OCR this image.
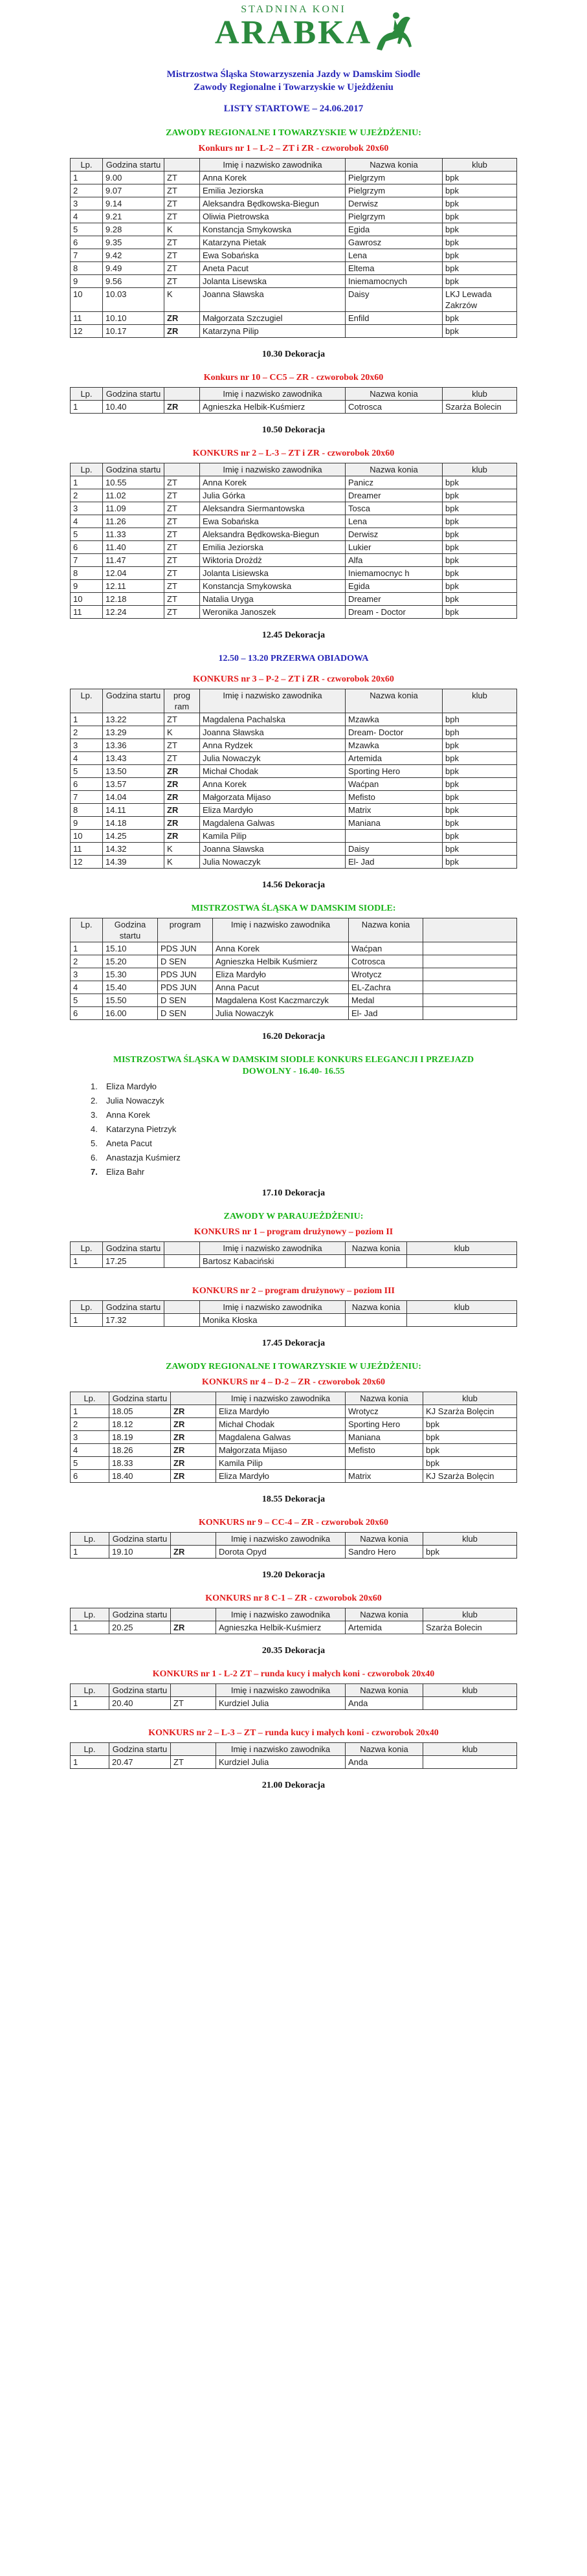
STADNINA KONI
ARABKA
Mistrzostwa Śląska Stowarzyszenia Jazdy w Damskim Siodle
Zawody Regionalne i Towarzyskie w Ujeżdżeniu
LISTY STARTOWE – 24.06.2017
ZAWODY REGIONALNE I TOWARZYSKIE W UJEŻDŻENIU:
Konkurs nr 1 – L-2 – ZT i ZR - czworobok 20x60
Lp.	Godzina startu		Imię i nazwisko zawodnika	Nazwa konia	klub
1	9.00	ZT	Anna Korek	Pielgrzym	bpk
2	9.07	ZT	Emilia Jeziorska	Pielgrzym	bpk
3	9.14	ZT	Aleksandra Będkowska-Biegun	Derwisz	bpk
4	9.21	ZT	Oliwia Pietrowska	Pielgrzym	bpk
5	9.28	K	Konstancja Smykowska	Egida	bpk
6	9.35	ZT	Katarzyna Pietak	Gawrosz	bpk
7	9.42	ZT	Ewa Sobańska	Lena	bpk
8	9.49	ZT	Aneta Pacut	Eltema	bpk
9	9.56	ZT	Jolanta Lisewska	Iniemamocnych	bpk
10	10.03	K	Joanna Sławska	Daisy	LKJ Lewada Zakrzów
11	10.10	ZR	Małgorzata Szczugiel	Enfild	bpk
12	10.17	ZR	Katarzyna Pilip		bpk
10.30 Dekoracja
Konkurs nr 10 – CC5 – ZR - czworobok 20x60
Lp.	Godzina startu		Imię i nazwisko zawodnika	Nazwa konia	klub
1	10.40	ZR	Agnieszka Helbik-Kuśmierz	Cotrosca	Szarża Bolecin
10.50 Dekoracja
KONKURS nr 2 – L-3 – ZT i ZR - czworobok 20x60
Lp.	Godzina startu		Imię i nazwisko zawodnika	Nazwa konia	klub
1	10.55	ZT	Anna Korek	Panicz	bpk
2	11.02	ZT	Julia Górka	Dreamer	bpk
3	11.09	ZT	Aleksandra Siermantowska	Tosca	bpk
4	11.26	ZT	Ewa Sobańska	Lena	bpk
5	11.33	ZT	Aleksandra Będkowska-Biegun	Derwisz	bpk
6	11.40	ZT	Emilia Jeziorska	Lukier	bpk
7	11.47	ZT	Wiktoria Drożdż	Alfa	bpk
8	12.04	ZT	Jolanta Lisiewska	Iniemamocnyc h	bpk
9	12.11	ZT	Konstancja Smykowska	Egida	bpk
10	12.18	ZT	Natalia Uryga	Dreamer	bpk
11	12.24	ZT	Weronika Janoszek	Dream - Doctor	bpk
12.45 Dekoracja
12.50 – 13.20 PRZERWA OBIADOWA
KONKURS nr 3 – P-2 – ZT i ZR - czworobok 20x60
Lp.	Godzina startu	prog ram	Imię i nazwisko zawodnika	Nazwa konia	klub
1	13.22	ZT	Magdalena Pachalska	Mzawka	bph
2	13.29	K	Joanna Sławska	Dream- Doctor	bph
3	13.36	ZT	Anna Rydzek	Mzawka	bpk
4	13.43	ZT	Julia Nowaczyk	Artemida	bpk
5	13.50	ZR	Michał Chodak	Sporting Hero	bpk
6	13.57	ZR	Anna Korek	Waćpan	bpk
7	14.04	ZR	Małgorzata Mijaso	Mefisto	bpk
8	14.11	ZR	Eliza Mardyło	Matrix	bpk
9	14.18	ZR	Magdalena Galwas	Maniana	bpk
10	14.25	ZR	Kamila Pilip		bpk
11	14.32	K	Joanna Sławska	Daisy	bpk
12	14.39	K	Julia Nowaczyk	El- Jad	bpk
14.56 Dekoracja
MISTRZOSTWA ŚLĄSKA W DAMSKIM SIODLE:
Lp.	Godzina startu	program	Imię i nazwisko zawodnika	Nazwa konia	
1	15.10	PDS JUN	Anna Korek	Waćpan	
2	15.20	D SEN	Agnieszka Helbik Kuśmierz	Cotrosca	
3	15.30	PDS JUN	Eliza Mardyło	Wrotycz	
4	15.40	PDS JUN	Anna Pacut	EL-Zachra	
5	15.50	D SEN	Magdalena Kost Kaczmarczyk	Medal	
6	16.00	D SEN	Julia Nowaczyk	El- Jad	
16.20 Dekoracja
MISTRZOSTWA ŚLĄSKA W DAMSKIM SIODLE KONKURS ELEGANCJI I PRZEJAZD
DOWOLNY - 16.40- 16.55
1.Eliza Mardyło
2.Julia Nowaczyk
3.Anna Korek
4.Katarzyna Pietrzyk
5.Aneta Pacut
6.Anastazja Kuśmierz
7.Eliza Bahr
17.10 Dekoracja
ZAWODY W PARAUJEŻDŻENIU:
KONKURS nr 1 – program drużynowy – poziom II
Lp.	Godzina startu		Imię i nazwisko zawodnika	Nazwa konia	klub
1	17.25		Bartosz Kabaciński		
KONKURS nr 2 – program drużynowy – poziom III
Lp.	Godzina startu		Imię i nazwisko zawodnika	Nazwa konia	klub
1	17.32		Monika Kłoska		
17.45 Dekoracja
ZAWODY REGIONALNE I TOWARZYSKIE W UJEŻDŻENIU:
KONKURS nr 4 – D-2 – ZR - czworobok 20x60
Lp.	Godzina startu		Imię i nazwisko zawodnika	Nazwa konia	klub
1	18.05	ZR	Eliza Mardyło	Wrotycz	KJ Szarża Bolęcin
2	18.12	ZR	Michał Chodak	Sporting Hero	bpk
3	18.19	ZR	Magdalena Galwas	Maniana	bpk
4	18.26	ZR	Małgorzata Mijaso	Mefisto	bpk
5	18.33	ZR	Kamila Pilip		bpk
6	18.40	ZR	Eliza Mardyło	Matrix	KJ Szarża Bolęcin
18.55 Dekoracja
KONKURS nr 9 – CC-4 – ZR - czworobok 20x60
Lp.	Godzina startu		Imię i nazwisko zawodnika	Nazwa konia	klub
1	19.10	ZR	Dorota Opyd	Sandro Hero	bpk
19.20 Dekoracja
KONKURS nr 8 C-1 – ZR - czworobok 20x60
Lp.	Godzina startu		Imię i nazwisko zawodnika	Nazwa konia	klub
1	20.25	ZR	Agnieszka Helbik-Kuśmierz	Artemida	Szarża Bolecin
20.35 Dekoracja
KONKURS nr 1 - L-2 ZT – runda kucy i małych koni - czworobok 20x40
Lp.	Godzina startu		Imię i nazwisko zawodnika	Nazwa konia	klub
1	20.40	ZT	Kurdziel Julia	Anda	
KONKURS nr 2 – L-3 – ZT – runda kucy i małych koni - czworobok 20x40
Lp.	Godzina startu		Imię i nazwisko zawodnika	Nazwa konia	klub
1	20.47	ZT	Kurdziel Julia	Anda	
21.00 Dekoracja
